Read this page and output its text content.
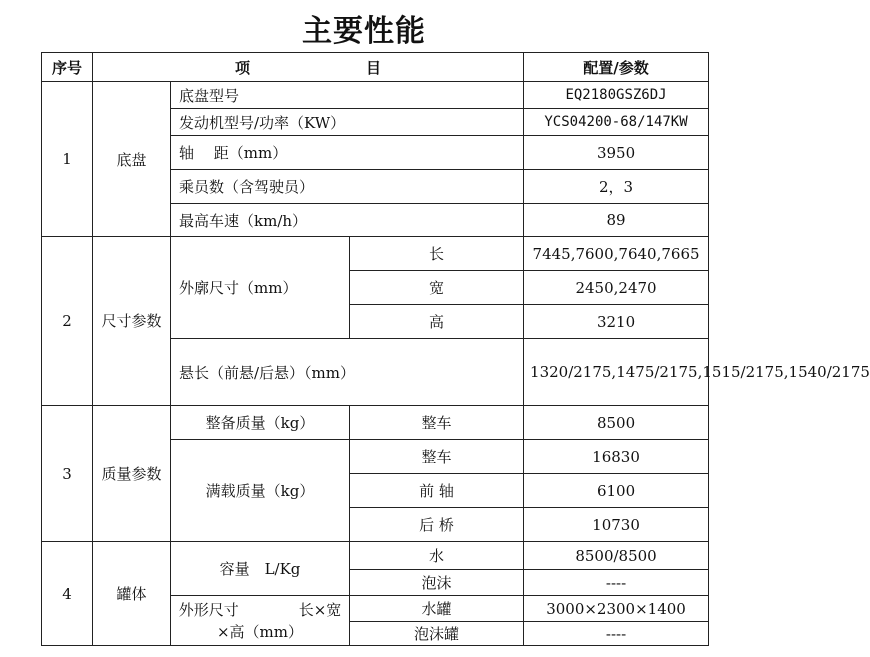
主要性能
序号	项 目			配置/参数
1	底盘	底盘型号		EQ2180GSZ6DJ
		发动机型号/功率（KW）		YCS04200-68/147KW
		轴　 距（mm）		3950
		乘员数（含驾驶员）		2，3
		最高车速（km/h）		89
2	尺寸参数	外廓尺寸（mm）	长	7445,7600,7640,7665
			宽	2450,2470
			高	3210
		悬长（前悬/后悬）（mm）		1320/2175,1475/2175,1515/2175,1540/2175
3	质量参数	整备质量（kg）	整车	8500
		满载质量（kg）	整车	16830
			前 轴	6100
			后 桥	10730
4	罐体	容量　L/Kg	水	8500/8500
			泡沫	----
		外形尺寸　　　　长×宽×高（mm）	水罐	3000×2300×1400
			泡沫罐	----
